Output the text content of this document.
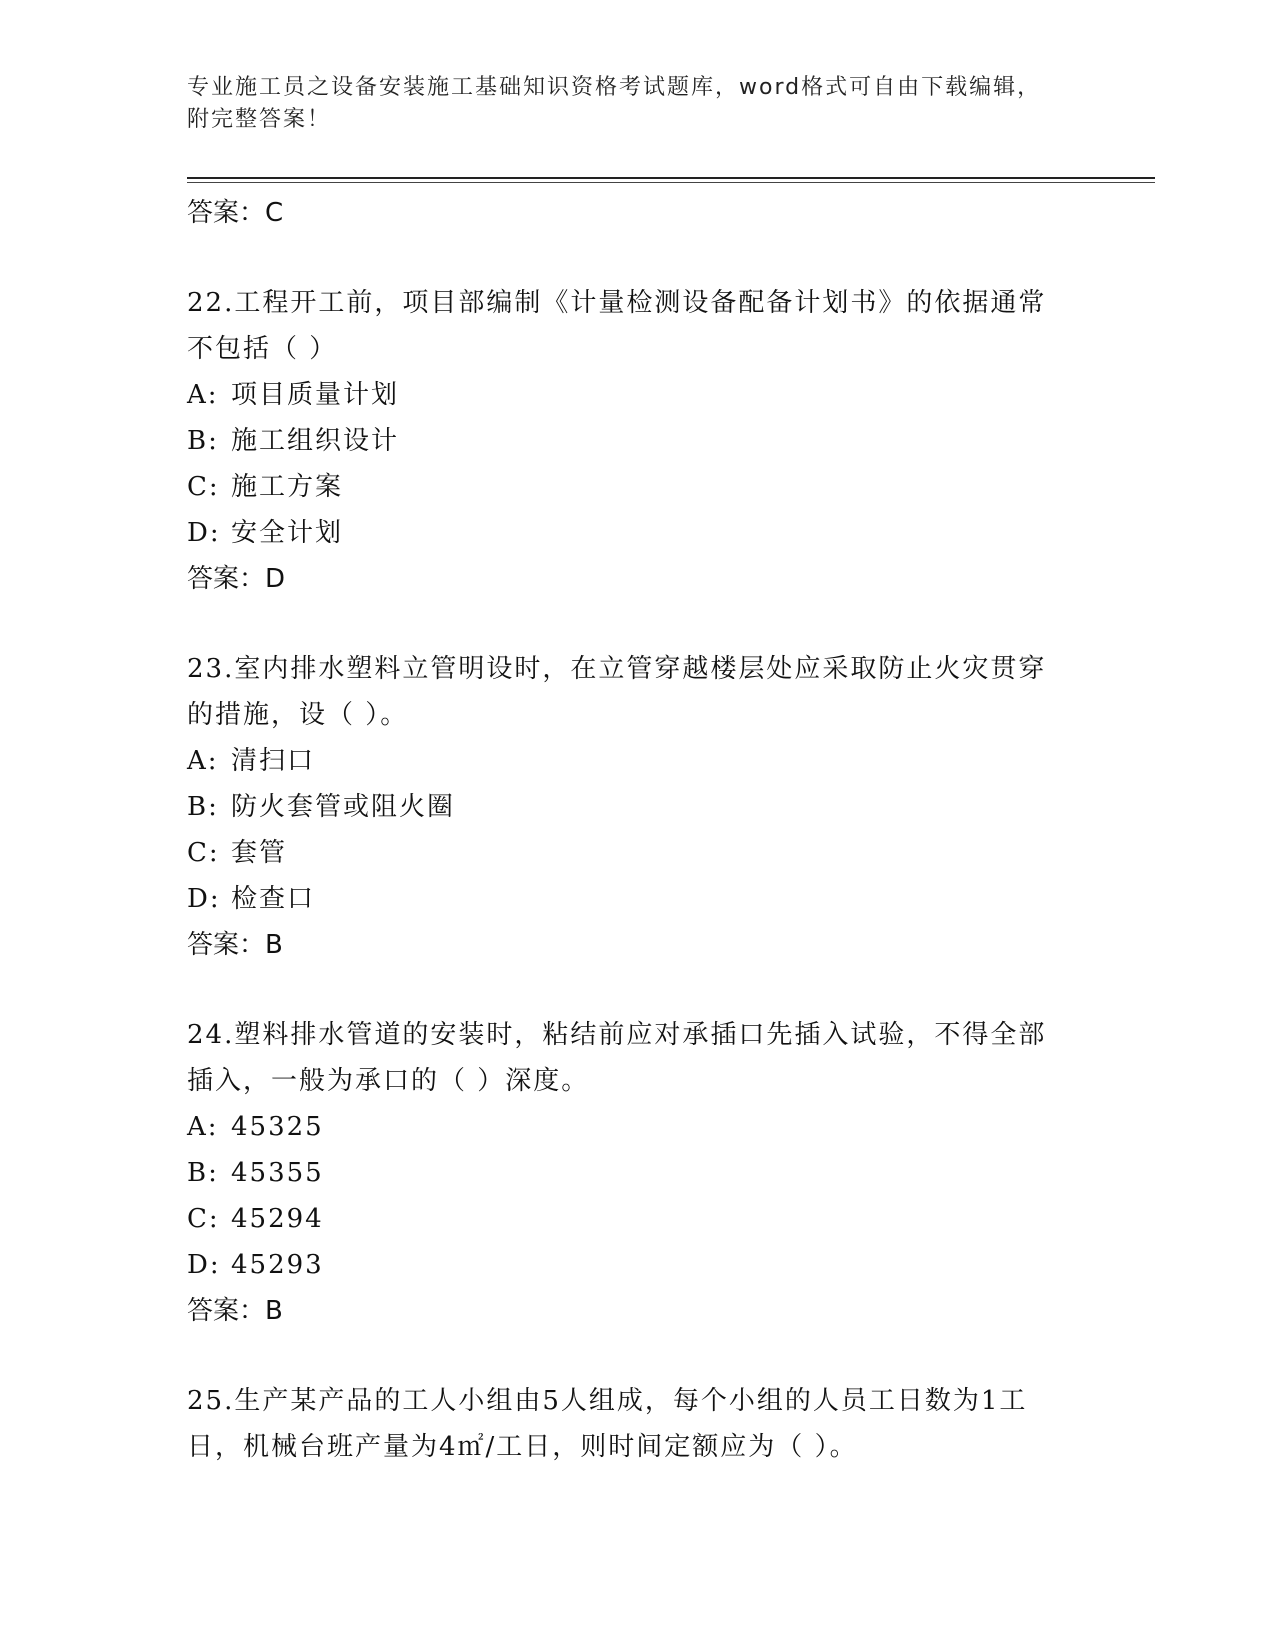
专业施工员之设备安装施工基础知识资格考试题库，word格式可自由下载编辑，
附完整答案！
答案：C
22.工程开工前，项目部编制《计量检测设备配备计划书》的依据通常不包括（ ）
A: 项目质量计划
B: 施工组织设计
C: 施工方案
D: 安全计划
答案：D
23.室内排水塑料立管明设时，在立管穿越楼层处应采取防止火灾贯穿的措施，设（ ）。
A: 清扫口
B: 防火套管或阻火圈
C: 套管
D: 检查口
答案：B
24.塑料排水管道的安装时，粘结前应对承插口先插入试验，不得全部插入，一般为承口的（ ）深度。
A: 45325
B: 45355
C: 45294
D: 45293
答案：B
25.生产某产品的工人小组由5人组成，每个小组的人员工日数为1工日，机械台班产量为4㎡/工日，则时间定额应为（ ）。
